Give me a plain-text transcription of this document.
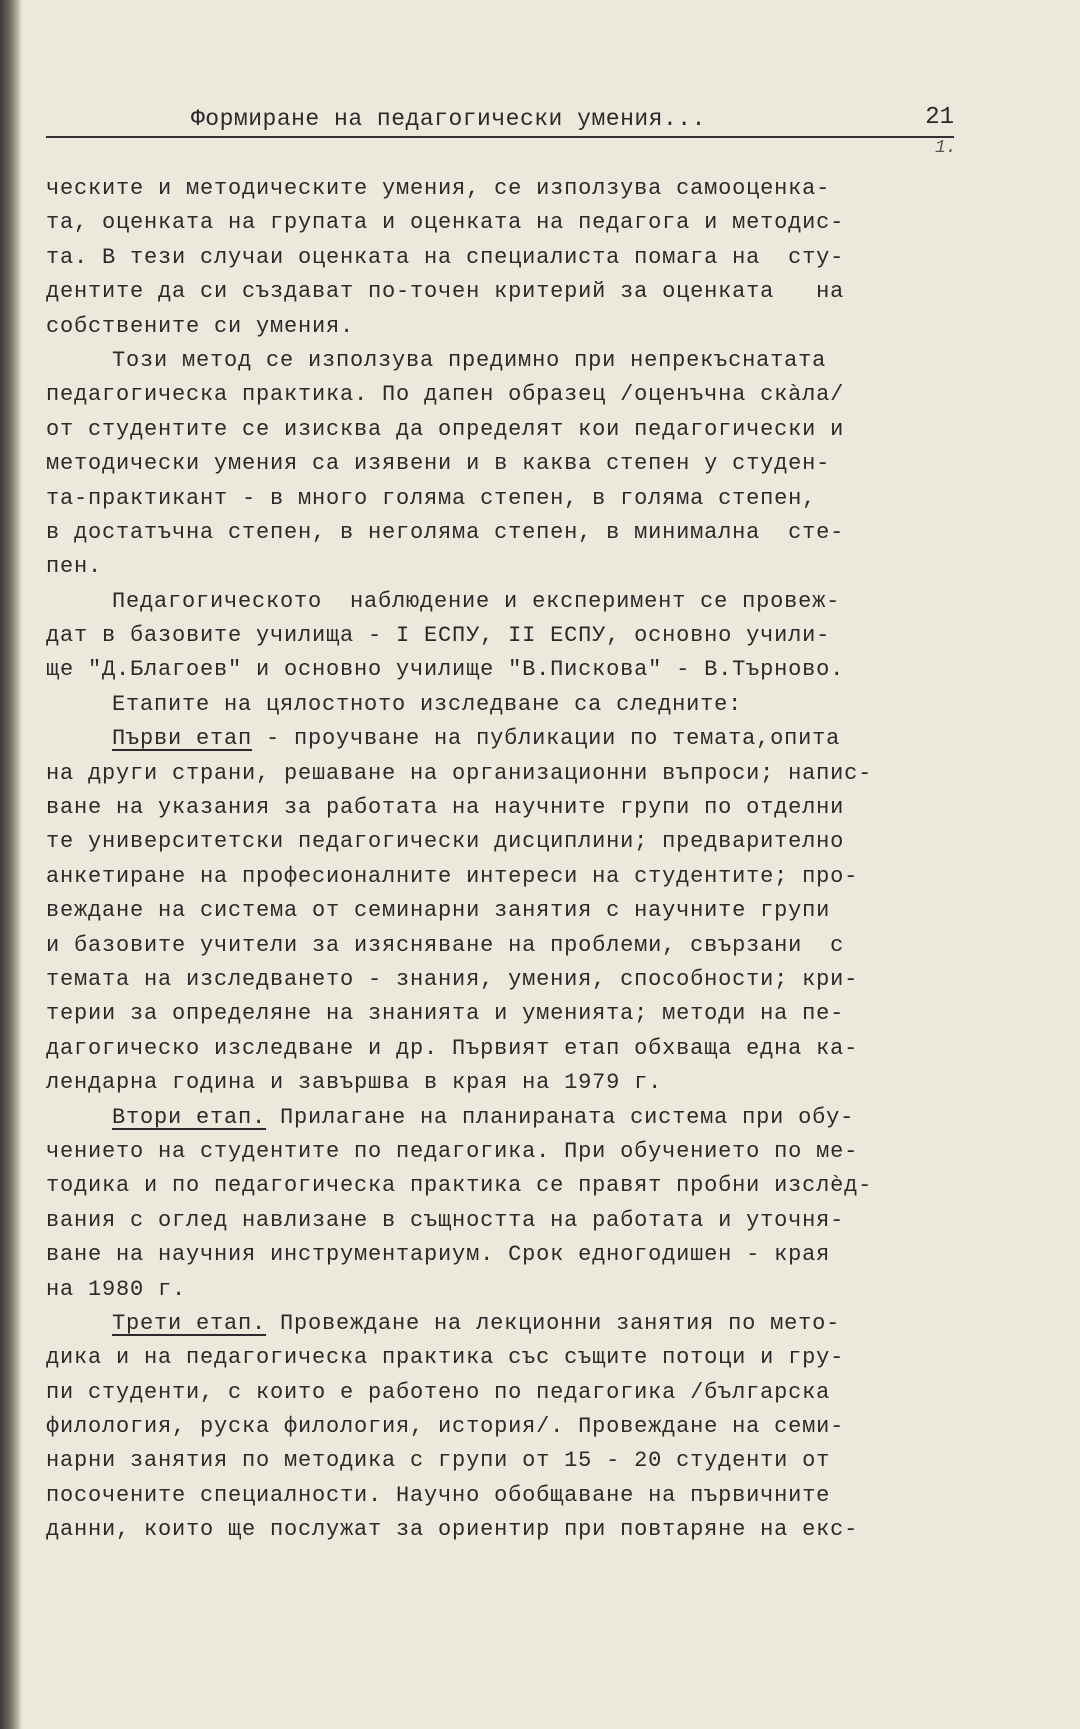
Формиране на педагогически умения...	21
1.
ческите и методическите умения, се използува самооценка-
та, оценката на групата и оценката на педагога и методис-
та. В тези случаи оценката на специалиста помага на  сту-
дентите да си създават по-точен критерий за оценката   на
собствените си умения.
Този метод се използува предимно при непрекъснатата
педагогическа практика. По дапен образец /оценъчна скàла/
от студентите се изисква да определят кои педагогически и
методически умения са изявени и в каква степен у студен-
та-практикант - в много голяма степен, в голяма степен,
в достатъчна степен, в неголяма степен, в минимална  сте-
пен.
Педагогическото  наблюдение и експеримент се провеж-
дат в базовите училища - I ЕСПУ, II ЕСПУ, основно учили-
ще "Д.Благоев" и основно училище "В.Пискова" - В.Търново.
Етапите на цялостното изследване са следните:
Първи етап - проучване на публикации по темата,опита
на други страни, решаване на организационни въпроси; напис-
ване на указания за работата на научните групи по отделни
те университетски педагогически дисциплини; предварително
анкетиране на професионалните интереси на студентите; про-
веждане на система от семинарни занятия с научните групи
и базовите учители за изясняване на проблеми, свързани  с
темата на изследването - знания, умения, способности; кри-
терии за определяне на знанията и уменията; методи на пе-
дагогическо изследване и др. Първият етап обхваща една ка-
лендарна година и завършва в края на 1979 г.
Втори етап. Прилагане на планираната система при обу-
чението на студентите по педагогика. При обучението по ме-
тодика и по педагогическа практика се правят пробни изслèд-
вания с оглед навлизане в същността на работата и уточня-
ване на научния инструментариум. Срок едногодишен - края
на 1980 г.
Трети етап. Провеждане на лекционни занятия по мето-
дика и на педагогическа практика със същите потоци и гру-
пи студенти, с които е работено по педагогика /българска
филология, руска филология, история/. Провеждане на семи-
нарни занятия по методика с групи от 15 - 20 студенти от
посочените специалности. Научно обобщаване на първичните
данни, които ще послужат за ориентир при повтаряне на екс-
